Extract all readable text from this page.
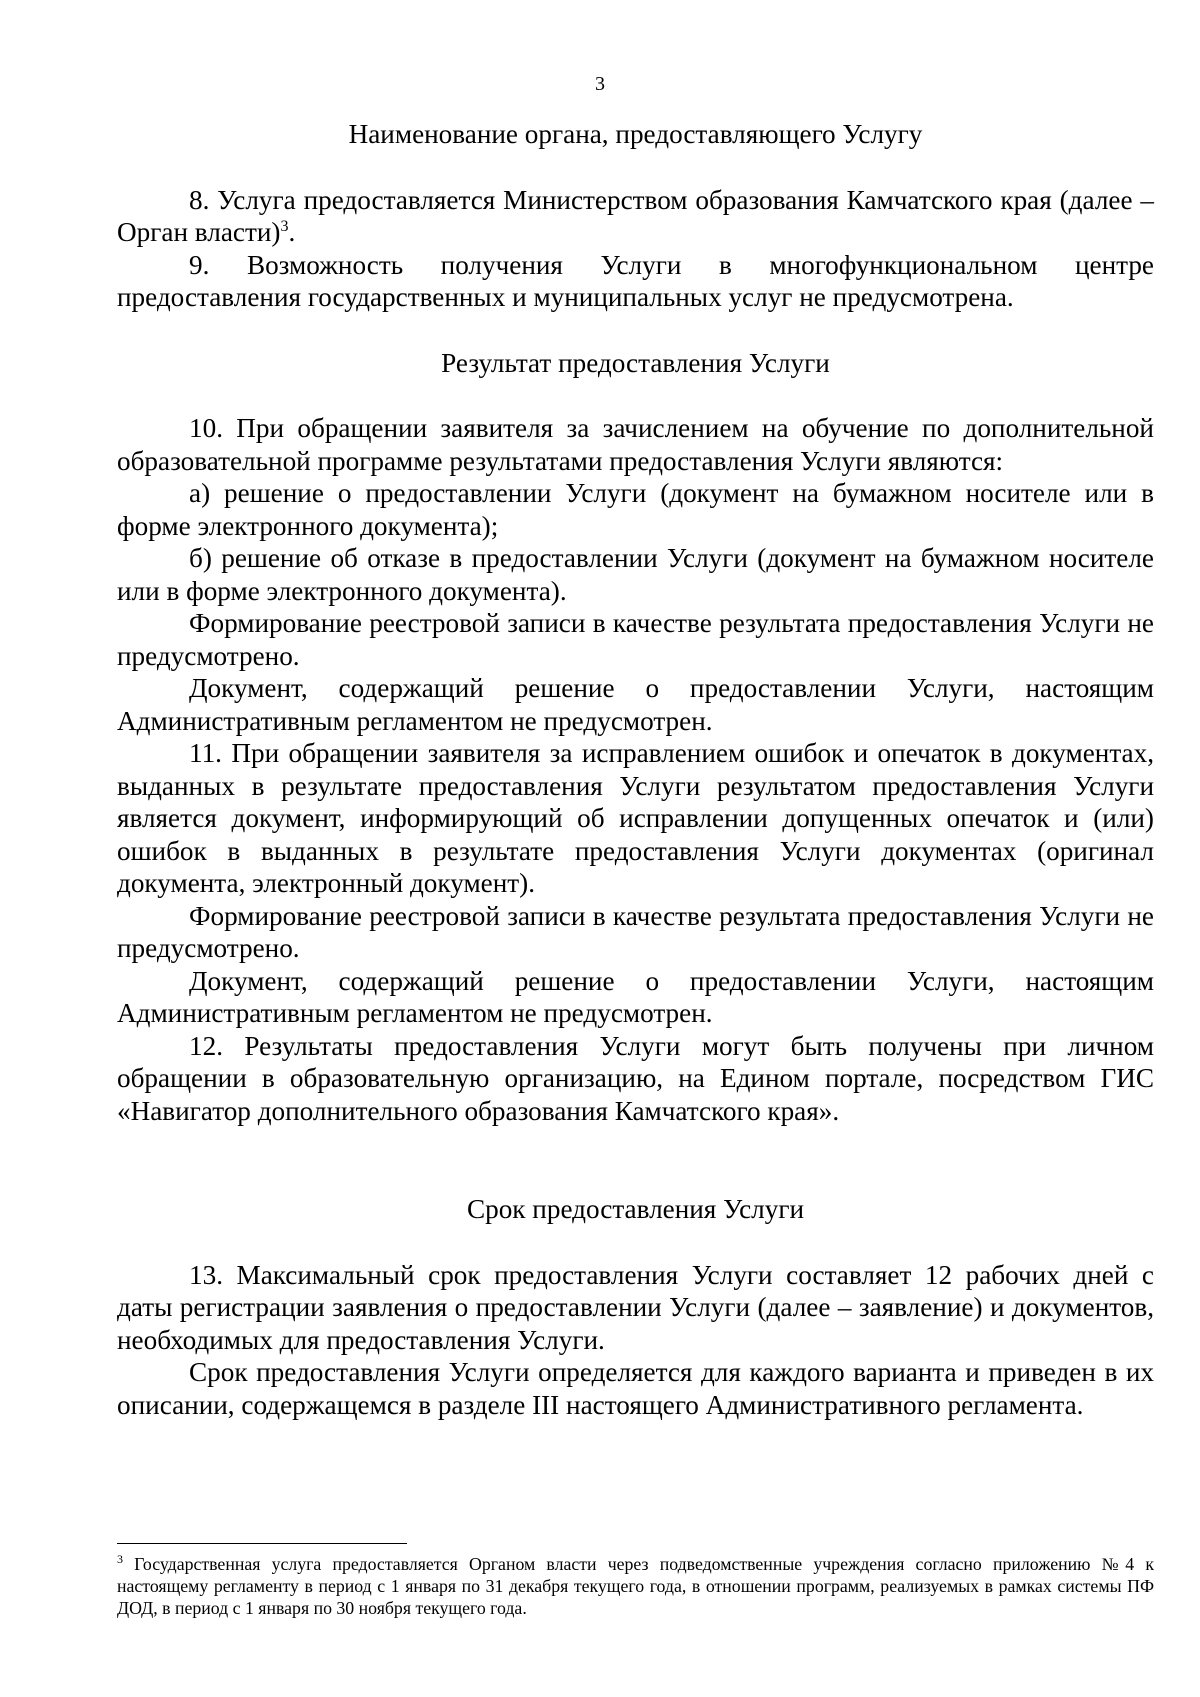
3

Наименование органа, предоставляющего Услугу

8. Услуга предоставляется Министерством образования Камчатского края (далее – Орган власти)$^3$.

9. Возможность получения Услуги в многофункциональном центре предоставления государственных и муниципальных услуг не предусмотрена.

Результат предоставления Услуги

10. При обращении заявителя за зачислением на обучение по дополнительной образовательной программе результатами предоставления Услуги являются:

а) решение о предоставлении Услуги (документ на бумажном носителе или в форме электронного документа);

б) решение об отказе в предоставлении Услуги (документ на бумажном носителе или в форме электронного документа).

Формирование реестровой записи в качестве результата предоставления Услуги не предусмотрено.

Документ, содержащий решение о предоставлении Услуги, настоящим Административным регламентом не предусмотрен.

11. При обращении заявителя за исправлением ошибок и опечаток в документах, выданных в результате предоставления Услуги результатом предоставления Услуги является документ, информирующий об исправлении допущенных опечаток и (или) ошибок в выданных в результате предоставления Услуги документах (оригинал документа, электронный документ).

Формирование реестровой записи в качестве результата предоставления Услуги не предусмотрено.

Документ, содержащий решение о предоставлении Услуги, настоящим Административным регламентом не предусмотрен.

12. Результаты предоставления Услуги могут быть получены при личном обращении в образовательную организацию, на Едином портале, посредством ГИС «Навигатор дополнительного образования Камчатского края».

Срок предоставления Услуги

13. Максимальный срок предоставления Услуги составляет 12 рабочих дней с даты регистрации заявления о предоставлении Услуги (далее – заявление) и документов, необходимых для предоставления Услуги.

Срок предоставления Услуги определяется для каждого варианта и приведен в их описании, содержащемся в разделе III настоящего Административного регламента.

$^3$ Государственная услуга предоставляется Органом власти через подведомственные учреждения согласно приложению №4 к настоящему регламенту в период с 1 января по 31 декабря текущего года, в отношении программ, реализуемых в рамках системы ПФ ДОД, в период с 1 января по 30 ноября текущего года.
